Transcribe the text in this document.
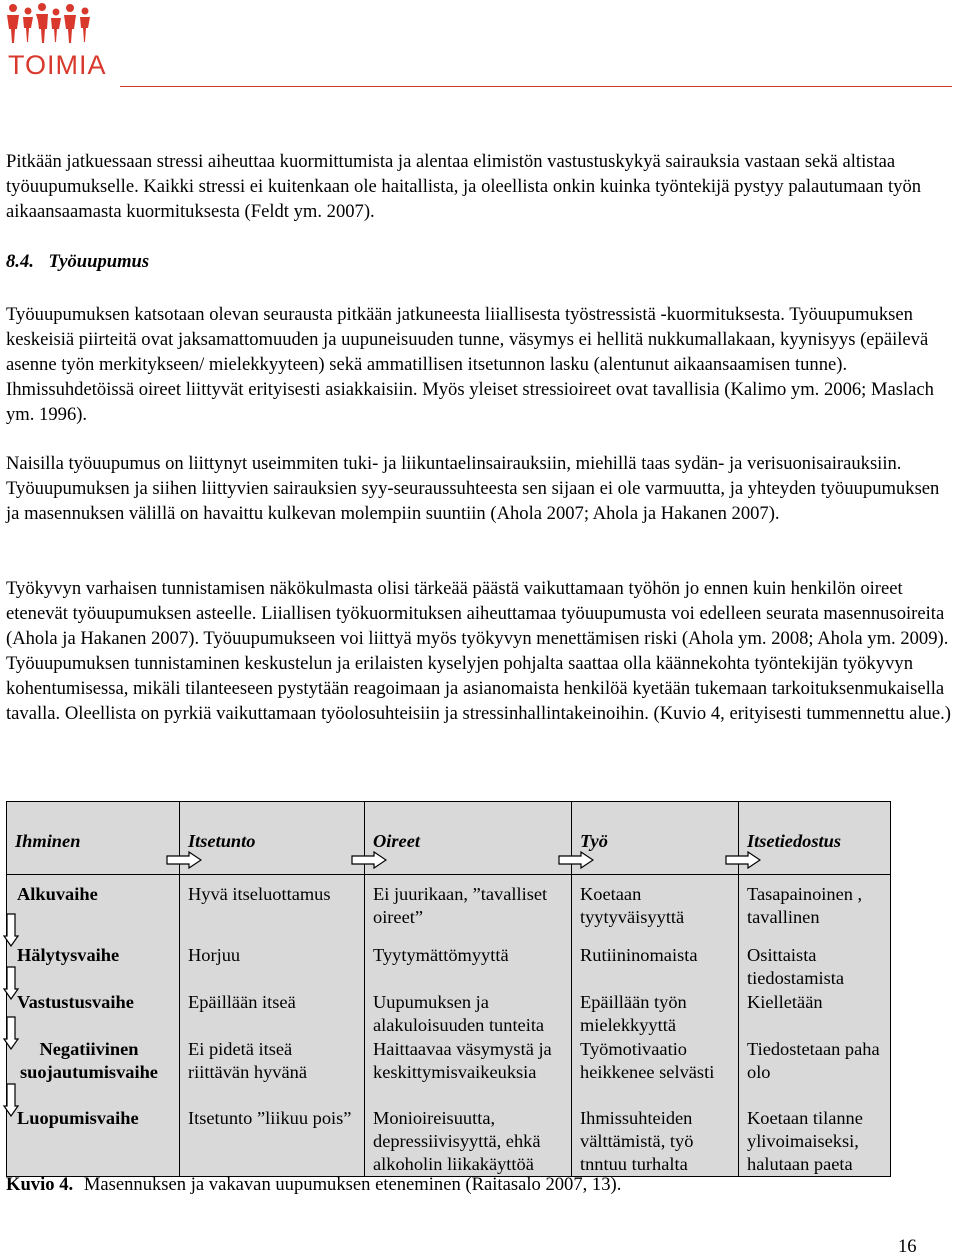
TOIMIA

Pitkään jatkuessaan stressi aiheuttaa kuormittumista ja alentaa elimistön vastustuskykyä sairauksia vastaan sekä altistaa työuupumukselle. Kaikki stressi ei kuitenkaan ole haitallista, ja oleellista onkin kuinka työntekijä pystyy palautumaan työn aikaansaamasta kuormituksesta (Feldt ym. 2007).

8.4. Työuupumus

Työuupumuksen katsotaan olevan seurausta pitkään jatkuneesta liiallisesta työstressistä -kuormituksesta. Työuupumuksen keskeisiä piirteitä ovat jaksamattomuuden ja uupuneisuuden tunne, väsymys ei hellitä nukkumallakaan, kyynisyys (epäilevä asenne työn merkitykseen/ mielekkyyteen) sekä ammatillisen itsetunnon lasku (alentunut aikaansaamisen tunne). Ihmissuhdetöissä oireet liittyvät erityisesti asiakkaisiin. Myös yleiset stressioireet ovat tavallisia (Kalimo ym. 2006; Maslach ym. 1996).

Naisilla työuupumus on liittynyt useimmiten tuki- ja liikuntaelinsairauksiin, miehillä taas sydän- ja verisuonisairauksiin. Työuupumuksen ja siihen liittyvien sairauksien syy-seuraussuhteesta sen sijaan ei ole varmuutta, ja yhteyden työuupumuksen ja masennuksen välillä on havaittu kulkevan molempiin suuntiin (Ahola 2007; Ahola ja Hakanen 2007).

Työkyvyn varhaisen tunnistamisen näkökulmasta olisi tärkeää päästä vaikuttamaan työhön jo ennen kuin henkilön oireet etenevät työuupumuksen asteelle. Liiallisen työkuormituksen aiheuttamaa työuupumusta voi edelleen seurata masennusoireita (Ahola ja Hakanen 2007). Työuupumukseen voi liittyä myös työkyvyn menettämisen riski (Ahola ym. 2008; Ahola ym. 2009). Työuupumuksen tunnistaminen keskustelun ja erilaisten kyselyjen pohjalta saattaa olla käännekohta työntekijän työkyvyn kohentumisessa, mikäli tilanteeseen pystytään reagoimaan ja asianomaista henkilöä kyetään tukemaan tarkoituksenmukaisella tavalla. Oleellista on pyrkiä vaikuttamaan työolosuhteisiin ja stressinhallintakeinoihin. (Kuvio 4, erityisesti tummennettu alue.)

Ihminen	Itsetunto	Oireet	Työ	Itsetiedostus
Alkuvaihe	Hyvä itseluottamus	Ei juurikaan, ”tavalliset oireet”	Koetaan tyytyväisyyttä	Tasapainoinen , tavallinen
Hälytysvaihe	Horjuu	Tyytymättömyyttä	Rutiininomaista	Osittaista tiedostamista
Vastustusvaihe	Epäillään itseä	Uupumuksen ja alakuloisuuden tunteita	Epäillään työn mielekkyyttä	Kielletään
Negatiivinen suojautumisvaihe	Ei pidetä itseä riittävän hyvänä	Haittaavaa väsymystä ja keskittymisvaikeuksia	Työmotivaatio heikkenee selvästi	Tiedostetaan paha olo
Luopumisvaihe	Itsetunto ”liikuu pois”	Monioireisuutta, depressiivisyyttä, ehkä alkoholin liikakäyttöä	Ihmissuhteiden välttämistä, työ tnntuu turhalta	Koetaan tilanne ylivoimaiseksi, halutaan paeta

Kuvio 4. Masennuksen ja vakavan uupumuksen eteneminen (Raitasalo 2007, 13).

16
